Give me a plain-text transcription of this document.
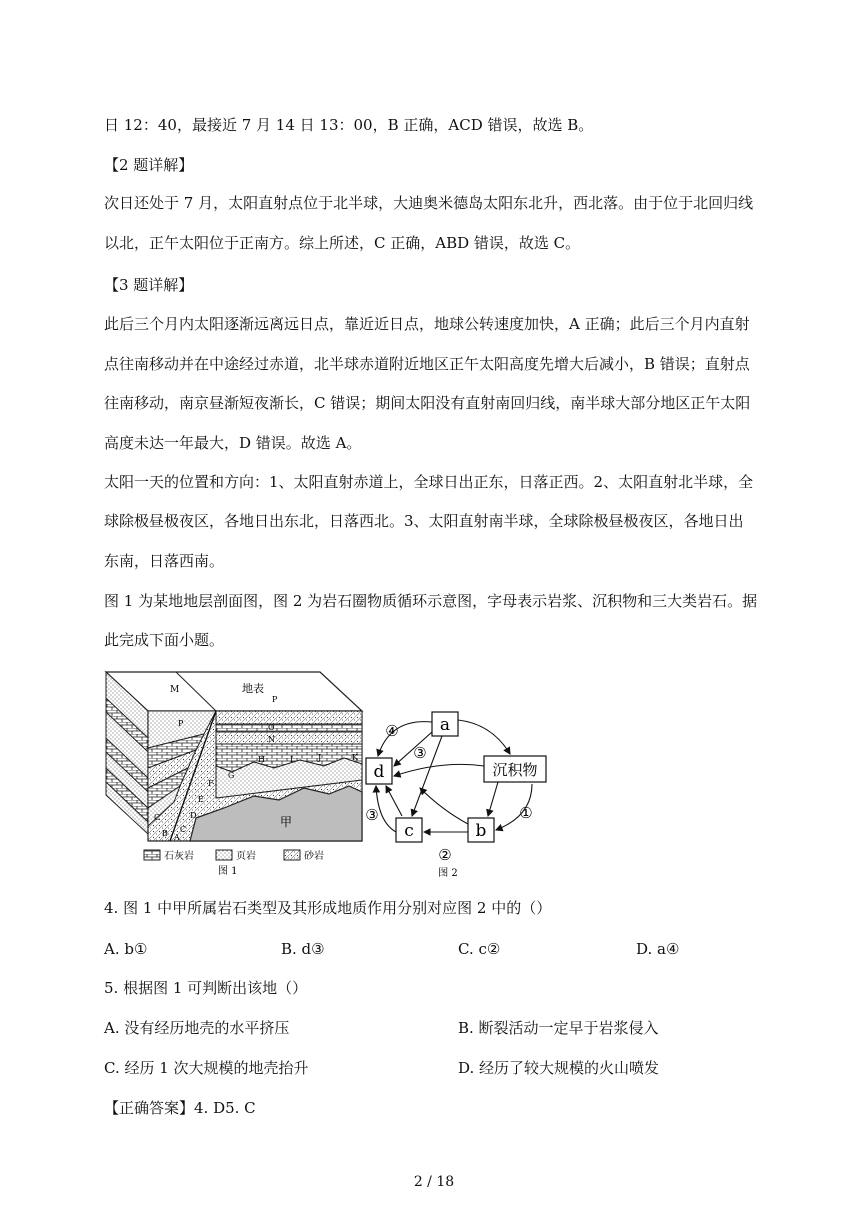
日 12：40，最接近 7 月 14 日 13：00，B 正确，ACD 错误，故选 B。
【2 题详解】
次日还处于 7 月，太阳直射点位于北半球，大迪奥米德岛太阳东北升，西北落。由于位于北回归线
以北，正午太阳位于正南方。综上所述，C 正确，ABD 错误，故选 C。
【3 题详解】
此后三个月内太阳逐渐远离远日点，靠近近日点，地球公转速度加快，A 正确；此后三个月内直射
点往南移动并在中途经过赤道，北半球赤道附近地区正午太阳高度先增大后减小，B 错误；直射点
往南移动，南京昼渐短夜渐长，C 错误；期间太阳没有直射南回归线，南半球大部分地区正午太阳
高度未达一年最大，D 错误。故选 A。
太阳一天的位置和方向：1、太阳直射赤道上，全球日出正东，日落正西。2、太阳直射北半球，全
球除极昼极夜区，各地日出东北，日落西北。3、太阳直射南半球，全球除极昼极夜区，各地日出
东南，日落西南。
图 1 为某地地层剖面图，图 2 为岩石圈物质循环示意图，字母表示岩浆、沉积物和三大类岩石。据
此完成下面小题。
M	地表
P
P	O
N
H	I	J	K
G
F
E
D
C
C
B A
甲
石灰岩	页岩	砂岩
图 1
a
沉积物
d
c	b
④
③
③	①
②
图 2
4. 图 1 中甲所属岩石类型及其形成地质作用分别对应图 2 中的（）
A. b①	B. d③	C. c②	D. a④
5. 根据图 1 可判断出该地（）
A. 没有经历地壳的水平挤压	B. 断裂活动一定早于岩浆侵入
C. 经历 1 次大规模的地壳抬升	D. 经历了较大规模的火山喷发
【正确答案】4. D5. C
2 / 18
